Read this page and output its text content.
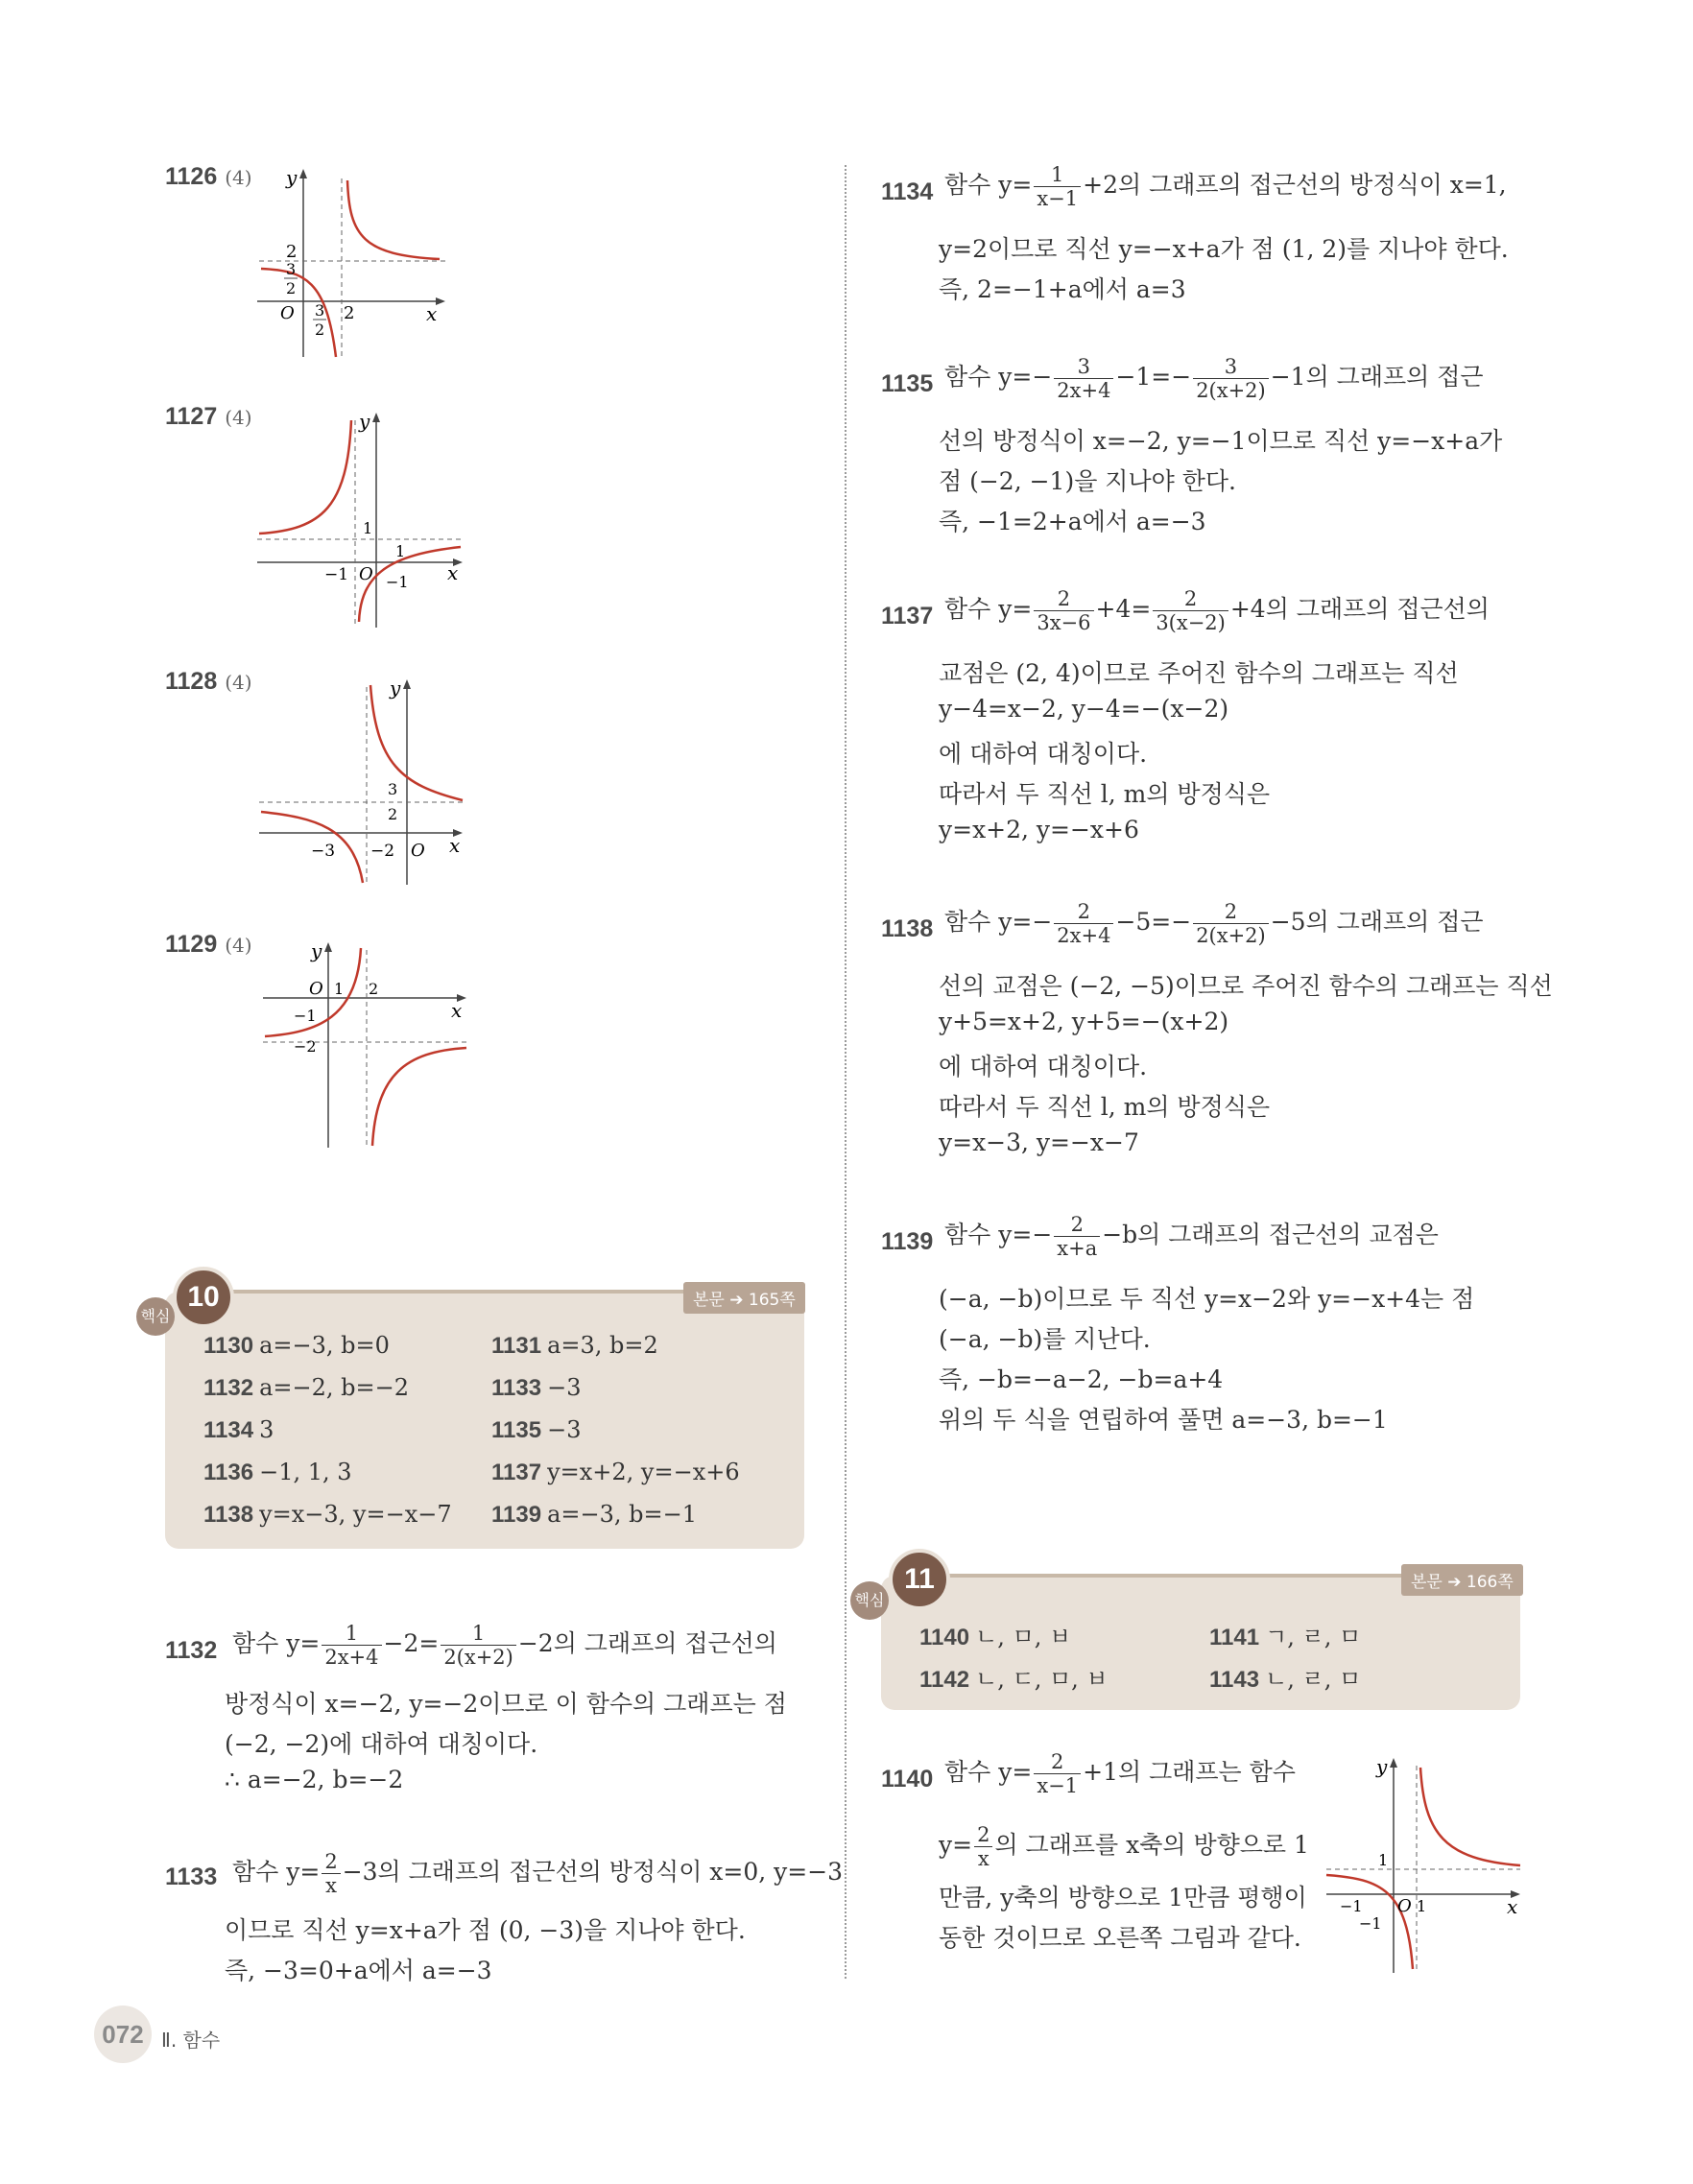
1126 (4)
2
3
2
O 3
2
2	x
y
1127 (4)
1
1
−1 O −1 x
y
1128 (4)
3
2
−3 −2 O x
y
1129 (4)
O 1 2
−1
−2
x
y
10
핵심
본문 ➔ 165쪽
1130 a=−3, b=0	1131 a=3, b=2
1132 a=−2, b=−2	1133 −3
1134 3	1135 −3
1136 −1, 1, 3	1137 y=x+2, y=−x+6
1138 y=x−3, y=−x−7 1139 a=−3, b=−1
1132 함수 $y= \frac{1}{2x+4} -2= \frac{1}{2(x+2)} -2$의 그래프의 접근선의
방정식이 x=−2, y=−2이므로 이 함수의 그래프는 점
(−2, −2)에 대하여 대칭이다.
∴ a=−2, b=−2
1133 함수 $y= \frac{2}{x} -3$의 그래프의 접근선의 방정식이 x=0, y=−3
이므로 직선 y=x+a가 점 (0, −3)을 지나야 한다.
즉, −3=0+a에서 a=−3
1134 함수 $y= \frac{1}{x-1} +2$의 그래프의 접근선의 방정식이 x=1,
y=2이므로 직선 y=−x+a가 점 (1, 2)를 지나야 한다.
즉, 2=−1+a에서 a=3
1135 함수 $y=- \frac{3}{2x+4} -1=- \frac{3}{2(x+2)} -1$의 그래프의 접근
선의 방정식이 x=−2, y=−1이므로 직선 y=−x+a가
점 (−2, −1)을 지나야 한다.
즉, −1=2+a에서 a=−3
1137 함수 $y= \frac{2}{3x-6} +4= \frac{2}{3(x-2)} +4$의 그래프의 접근선의
교점은 (2, 4)이므로 주어진 함수의 그래프는 직선
y−4=x−2, y−4=−(x−2)
에 대하여 대칭이다.
따라서 두 직선 l, m의 방정식은
y=x+2, y=−x+6
1138 함수 $y=- \frac{2}{2x+4} -5=- \frac{2}{2(x+2)} -5$의 그래프의 접근
선의 교점은 (−2, −5)이므로 주어진 함수의 그래프는 직선
y+5=x+2, y+5=−(x+2)
에 대하여 대칭이다.
따라서 두 직선 l, m의 방정식은
y=x−3, y=−x−7
1139 함수 $y=- \frac{2}{x+a} -b$의 그래프의 접근선의 교점은
(−a, −b)이므로 두 직선 y=x−2와 y=−x+4는 점
(−a, −b)를 지난다.
즉, −b=−a−2, −b=a+4
위의 두 식을 연립하여 풀면 a=−3, b=−1
11
핵심
본문 ➔ 166쪽
1140 ㄴ, ㅁ, ㅂ	1141 ㄱ, ㄹ, ㅁ
1142 ㄴ, ㄷ, ㅁ, ㅂ	1143 ㄴ, ㄹ, ㅁ
1140 함수 $y= \frac{2}{x-1} +1$의 그래프는 함수
$y= \frac{2}{x}$ 의 그래프를 x축의 방향으로 1
만큼, y축의 방향으로 1만큼 평행이
동한 것이므로 오른쪽 그림과 같다.
1
−1 O 1
−1
x
y
072 Ⅱ. 함수
